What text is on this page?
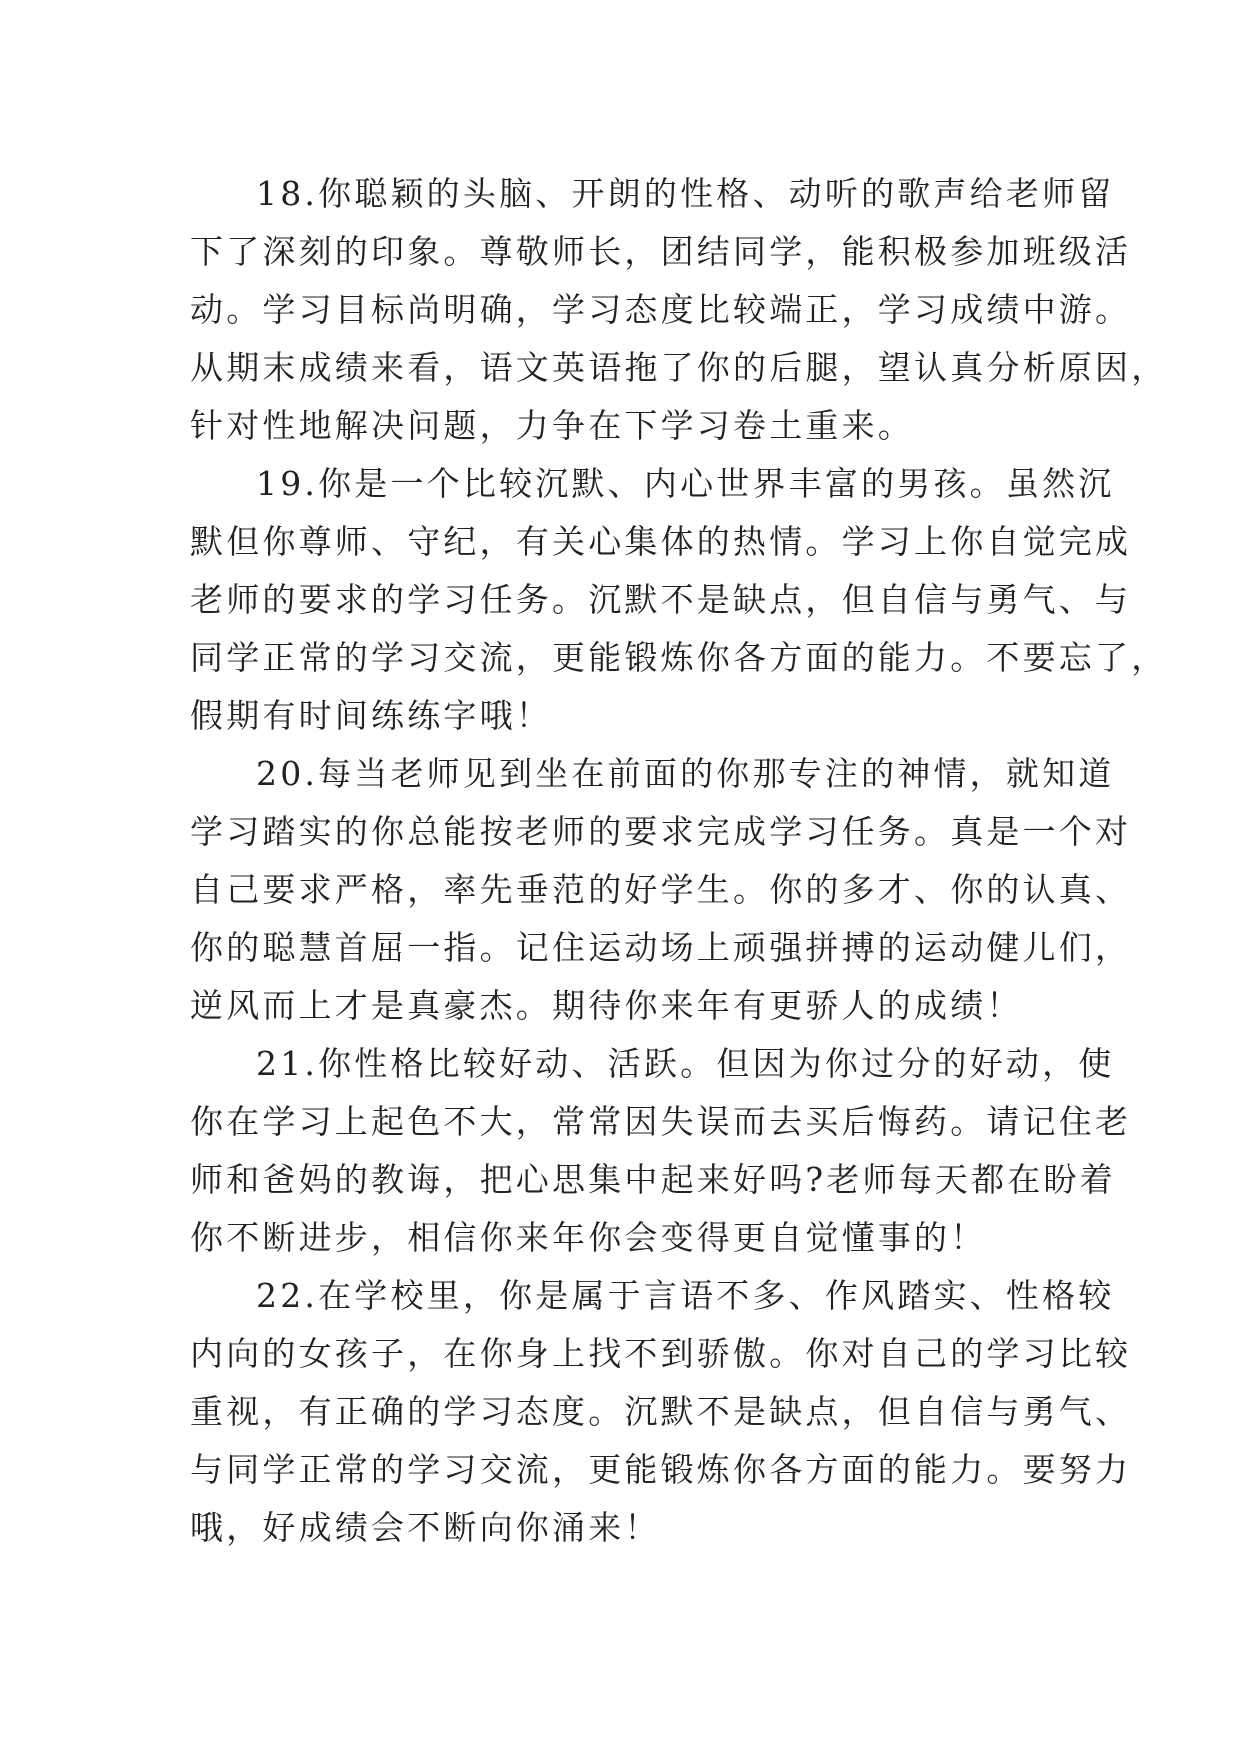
18.你聪颖的头脑、开朗的性格、动听的歌声给老师留
下了深刻的印象。尊敬师长，团结同学，能积极参加班级活
动。学习目标尚明确，学习态度比较端正，学习成绩中游。
从期末成绩来看，语文英语拖了你的后腿，望认真分析原因，
针对性地解决问题，力争在下学习卷土重来。
19.你是一个比较沉默、内心世界丰富的男孩。虽然沉
默但你尊师、守纪，有关心集体的热情。学习上你自觉完成
老师的要求的学习任务。沉默不是缺点，但自信与勇气、与
同学正常的学习交流，更能锻炼你各方面的能力。不要忘了，
假期有时间练练字哦！
20.每当老师见到坐在前面的你那专注的神情，就知道
学习踏实的你总能按老师的要求完成学习任务。真是一个对
自己要求严格，率先垂范的好学生。你的多才、你的认真、
你的聪慧首屈一指。记住运动场上顽强拼搏的运动健儿们，
逆风而上才是真豪杰。期待你来年有更骄人的成绩！
21.你性格比较好动、活跃。但因为你过分的好动，使
你在学习上起色不大，常常因失误而去买后悔药。请记住老
师和爸妈的教诲，把心思集中起来好吗?老师每天都在盼着
你不断进步，相信你来年你会变得更自觉懂事的！
22.在学校里，你是属于言语不多、作风踏实、性格较
内向的女孩子，在你身上找不到骄傲。你对自己的学习比较
重视，有正确的学习态度。沉默不是缺点，但自信与勇气、
与同学正常的学习交流，更能锻炼你各方面的能力。要努力
哦，好成绩会不断向你涌来！
